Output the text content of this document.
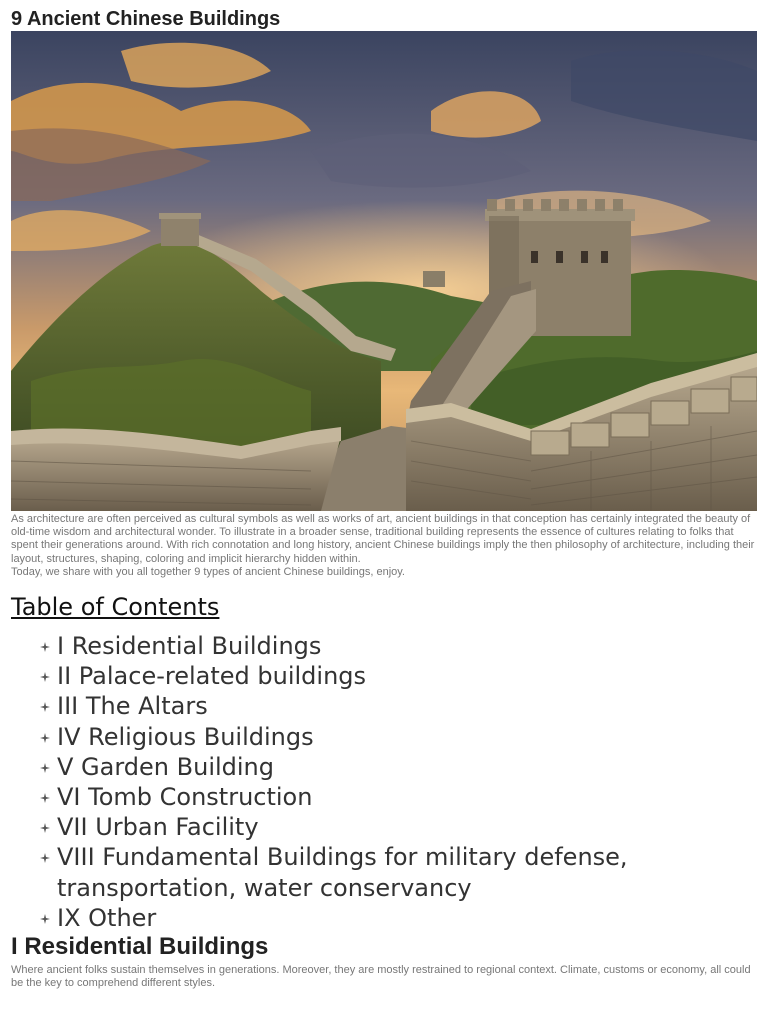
9 Ancient Chinese Buildings

As architecture are often perceived as cultural symbols as well as works of art, ancient buildings in that conception has certainly integrated the beauty of old-time wisdom and architectural wonder. To illustrate in a broader sense, traditional building represents the essence of cultures relating to folks that spent their generations around. With rich connotation and long history, ancient Chinese buildings imply the then philosophy of architecture, including their layout, structures, shaping, coloring and implicit hierarchy hidden within.

Today, we share with you all together 9 types of ancient Chinese buildings, enjoy.

Table of Contents
I Residential Buildings
II Palace-related buildings
III The Altars
IV Religious Buildings
V Garden Building
VI Tomb Construction
VII Urban Facility
VIII Fundamental Buildings for military defense, transportation, water conservancy
IX Other
I Residential Buildings

Where ancient folks sustain themselves in generations. Moreover, they are mostly restrained to regional context. Climate, customs or economy, all could be the key to comprehend different styles.
